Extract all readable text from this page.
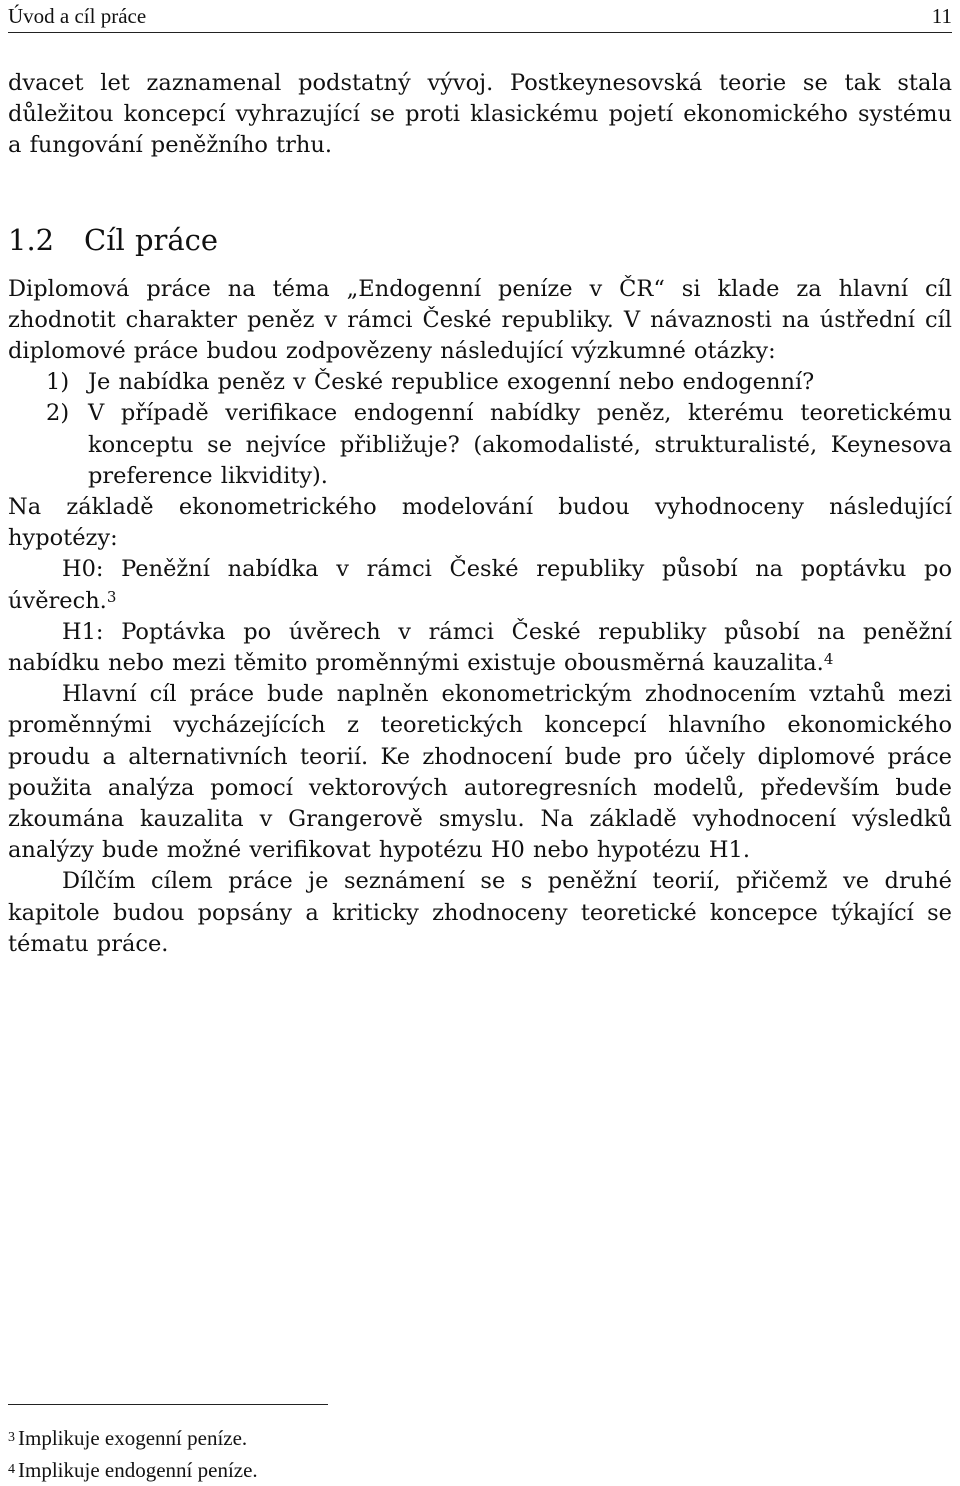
Úvod a cíl práce	11

dvacet let zaznamenal podstatný vývoj. Postkeynesovská teorie se tak stala důležitou koncepcí vyhrazující se proti klasickému pojetí ekonomického systému a fungování peněžního trhu.

1.2 Cíl práce

Diplomová práce na téma „Endogenní peníze v ČR“ si klade za hlavní cíl zhodnotit charakter peněz v rámci České republiky. V návaznosti na ústřední cíl diplomové práce budou zodpovězeny následující výzkumné otázky:

1) Je nabídka peněz v České republice exogenní nebo endogenní?
2) V případě verifikace endogenní nabídky peněz, kterému teoretickému konceptu se nejvíce přibližuje? (akomodalisté, strukturalisté, Keynesova preference likvidity).

Na základě ekonometrického modelování budou vyhodnoceny následující hypotézy:

H0: Peněžní nabídka v rámci České republiky působí na poptávku po úvěrech.$^3$

H1: Poptávka po úvěrech v rámci České republiky působí na peněžní nabídku nebo mezi těmito proměnnými existuje obousměrná kauzalita.$^4$

Hlavní cíl práce bude naplněn ekonometrickým zhodnocením vztahů mezi proměnnými vycházejících z teoretických koncepcí hlavního ekonomického proudu a alternativních teorií. Ke zhodnocení bude pro účely diplomové práce použita analýza pomocí vektorových autoregresních modelů, především bude zkoumána kauzalita v Grangerově smyslu. Na základě vyhodnocení výsledků analýzy bude možné verifikovat hypotézu H0 nebo hypotézu H1.

Dílčím cílem práce je seznámení se s peněžní teorií, přičemž ve druhé kapitole budou popsány a kriticky zhodnoceny teoretické koncepce týkající se tématu práce.

3 Implikuje exogenní peníze.
4 Implikuje endogenní peníze.
